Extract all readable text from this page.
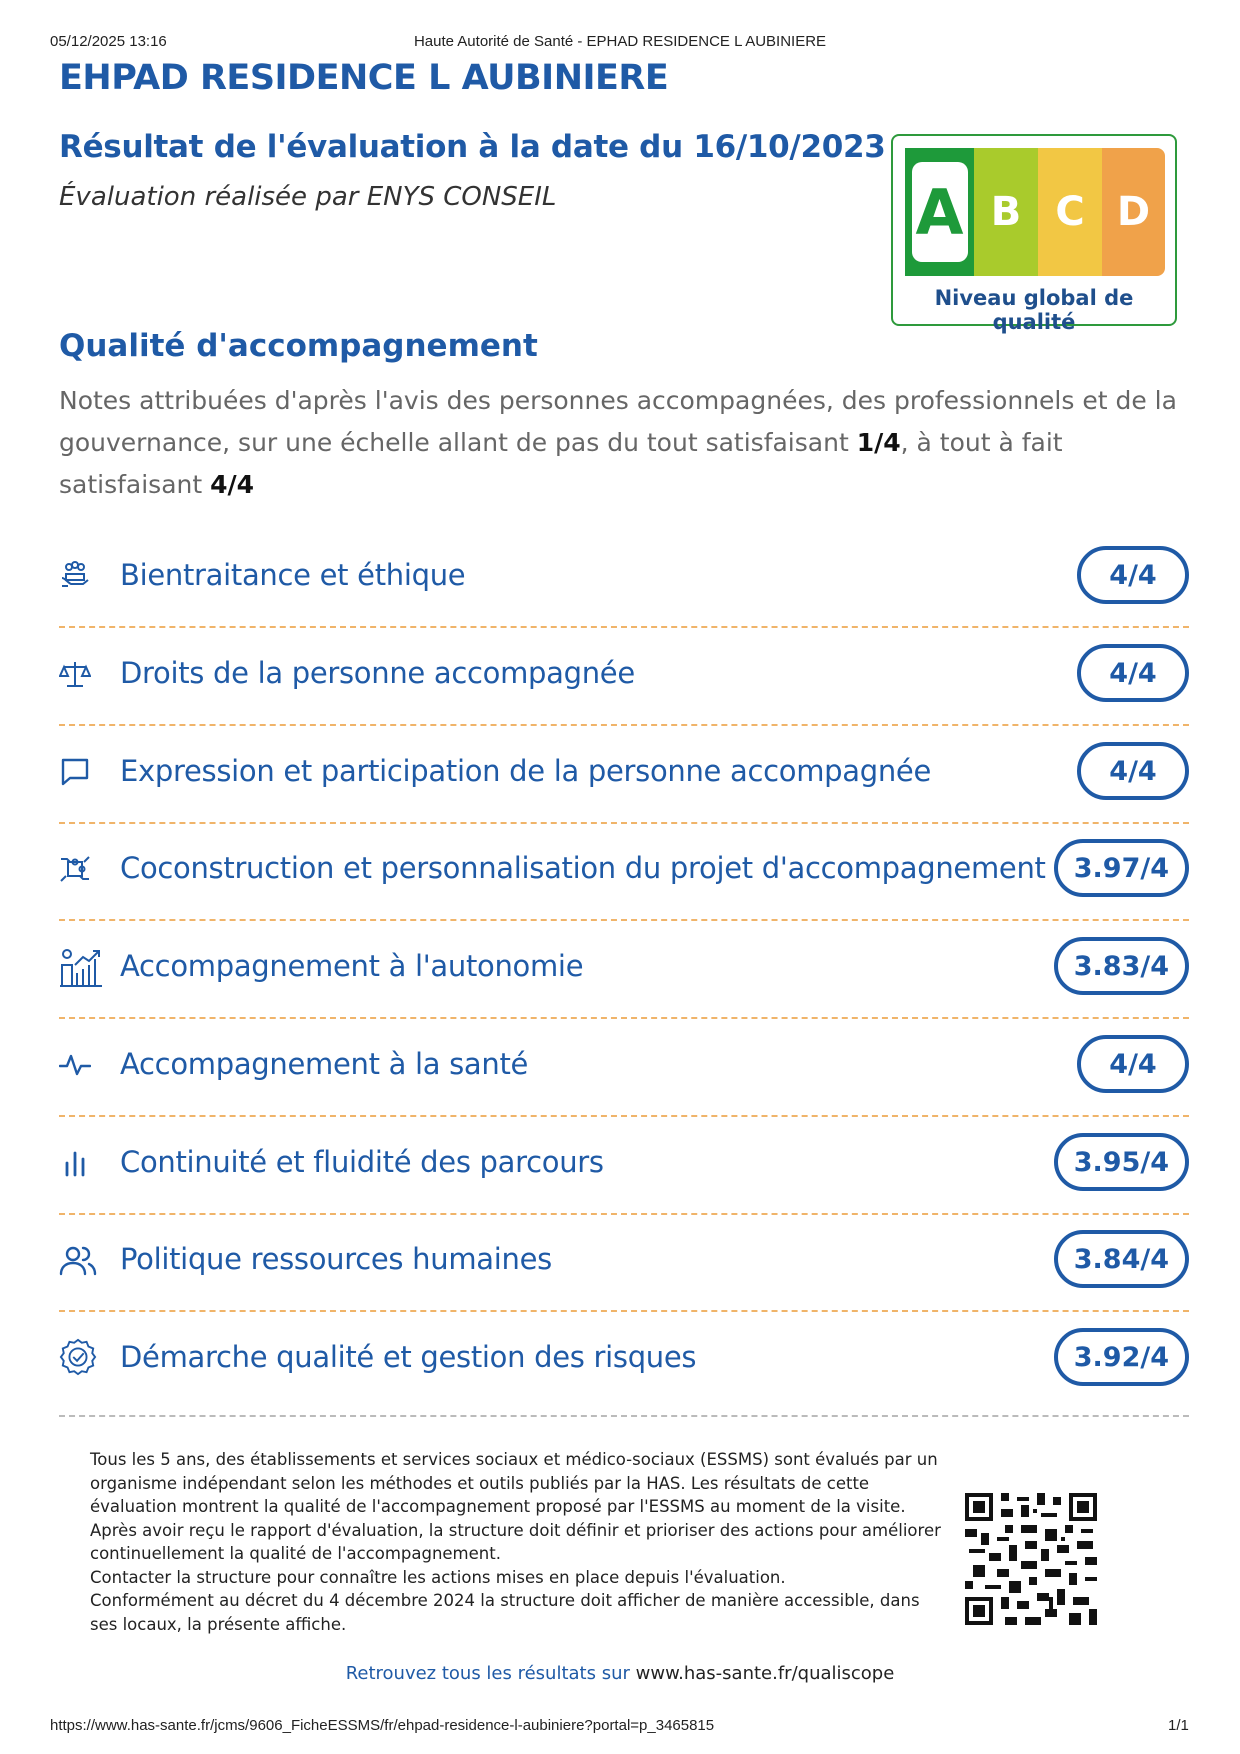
05/12/2025 13:16	Haute Autorité de Santé - EPHAD RESIDENCE L AUBINIERE
EHPAD RESIDENCE L AUBINIERE
Résultat de l'évaluation à la date du 16/10/2023
Évaluation réalisée par ENYS CONSEIL	A B C D
Niveau global de qualité
Qualité d'accompagnement
Notes attribuées d'après l'avis des personnes accompagnées, des professionnels et de la gouvernance, sur une échelle allant de pas du tout satisfaisant 1/4, à tout à fait satisfaisant 4/4
Bientraitance et éthique	4/4
Droits de la personne accompagnée	4/4
Expression et participation de la personne accompagnée	4/4
Coconstruction et personnalisation du projet d'accompagnement	3.97/4
Accompagnement à l'autonomie	3.83/4
Accompagnement à la santé	4/4
Continuité et fluidité des parcours	3.95/4
Politique ressources humaines	3.84/4
Démarche qualité et gestion des risques	3.92/4

Tous les 5 ans, des établissements et services sociaux et médico-sociaux (ESSMS) sont évalués par un organisme indépendant selon les méthodes et outils publiés par la HAS. Les résultats de cette évaluation montrent la qualité de l'accompagnement proposé par l'ESSMS au moment de la visite.

Après avoir reçu le rapport d'évaluation, la structure doit définir et prioriser des actions pour améliorer continuellement la qualité de l'accompagnement.

Contacter la structure pour connaître les actions mises en place depuis l'évaluation.

Conformément au décret du 4 décembre 2024 la structure doit afficher de manière accessible, dans ses locaux, la présente affiche.

Retrouvez tous les résultats sur www.has-sante.fr/qualiscope
https://www.has-sante.fr/jcms/9606_FicheESSMS/fr/ehpad-residence-l-aubiniere?portal=p_3465815	1/1
